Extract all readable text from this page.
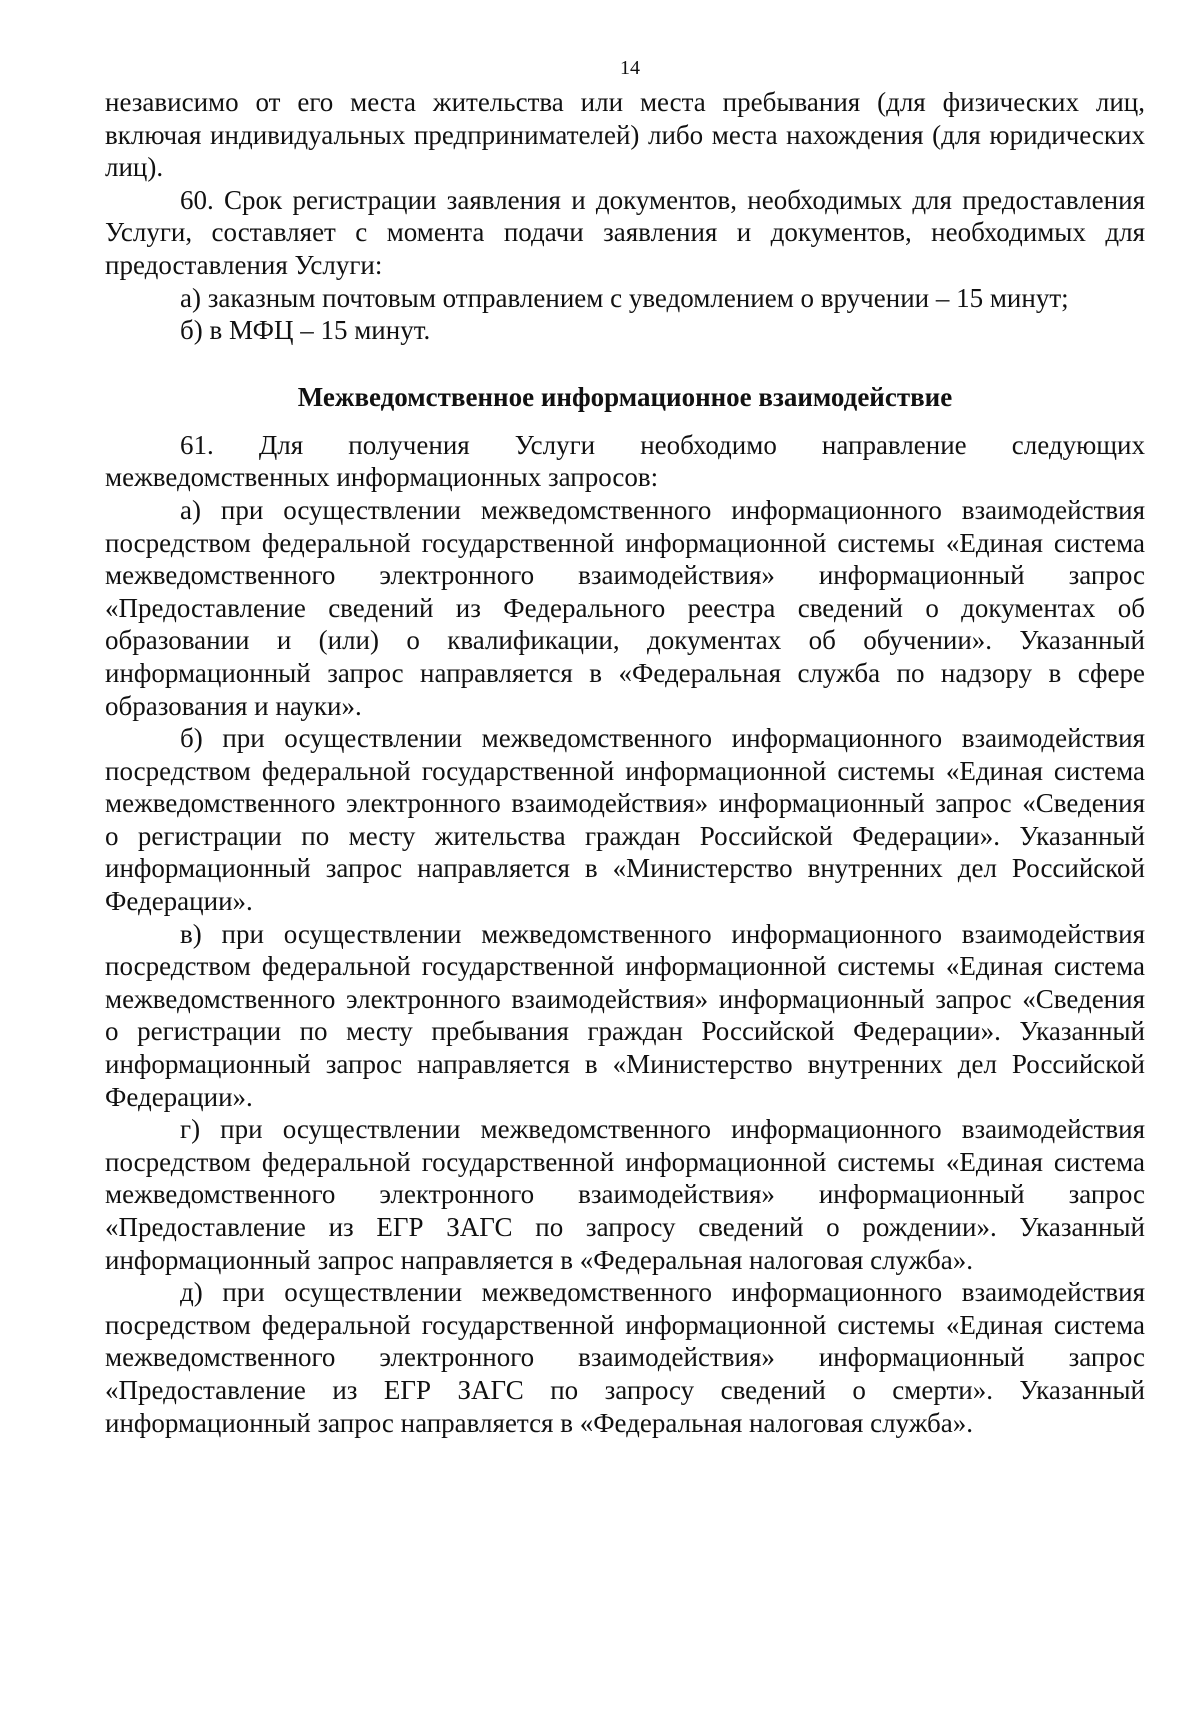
14

независимо от его места жительства или места пребывания (для физических лиц, включая индивидуальных предпринимателей) либо места нахождения (для юридических лиц).

60. Срок регистрации заявления и документов, необходимых для предоставления Услуги, составляет с момента подачи заявления и документов, необходимых для предоставления Услуги:

а) заказным почтовым отправлением с уведомлением о вручении – 15 минут;

б) в МФЦ – 15 минут.

Межведомственное информационное взаимодействие

61. Для получения Услуги необходимо направление следующих межведомственных информационных запросов:

а) при осуществлении межведомственного информационного взаимодействия посредством федеральной государственной информационной системы «Единая система межведомственного электронного взаимодействия» информационный запрос «Предоставление сведений из Федерального реестра сведений о документах об образовании и (или) о квалификации, документах об обучении». Указанный информационный запрос направляется в «Федеральная служба по надзору в сфере образования и науки».

б) при осуществлении межведомственного информационного взаимодействия посредством федеральной государственной информационной системы «Единая система межведомственного электронного взаимодействия» информационный запрос «Сведения о регистрации по месту жительства граждан Российской Федерации». Указанный информационный запрос направляется в «Министерство внутренних дел Российской Федерации».

в) при осуществлении межведомственного информационного взаимодействия посредством федеральной государственной информационной системы «Единая система межведомственного электронного взаимодействия» информационный запрос «Сведения о регистрации по месту пребывания граждан Российской Федерации». Указанный информационный запрос направляется в «Министерство внутренних дел Российской Федерации».

г) при осуществлении межведомственного информационного взаимодействия посредством федеральной государственной информационной системы «Единая система межведомственного электронного взаимодействия» информационный запрос «Предоставление из ЕГР ЗАГС по запросу сведений о рождении». Указанный информационный запрос направляется в «Федеральная налоговая служба».

д) при осуществлении межведомственного информационного взаимодействия посредством федеральной государственной информационной системы «Единая система межведомственного электронного взаимодействия» информационный запрос «Предоставление из ЕГР ЗАГС по запросу сведений о смерти». Указанный информационный запрос направляется в «Федеральная налоговая служба».
